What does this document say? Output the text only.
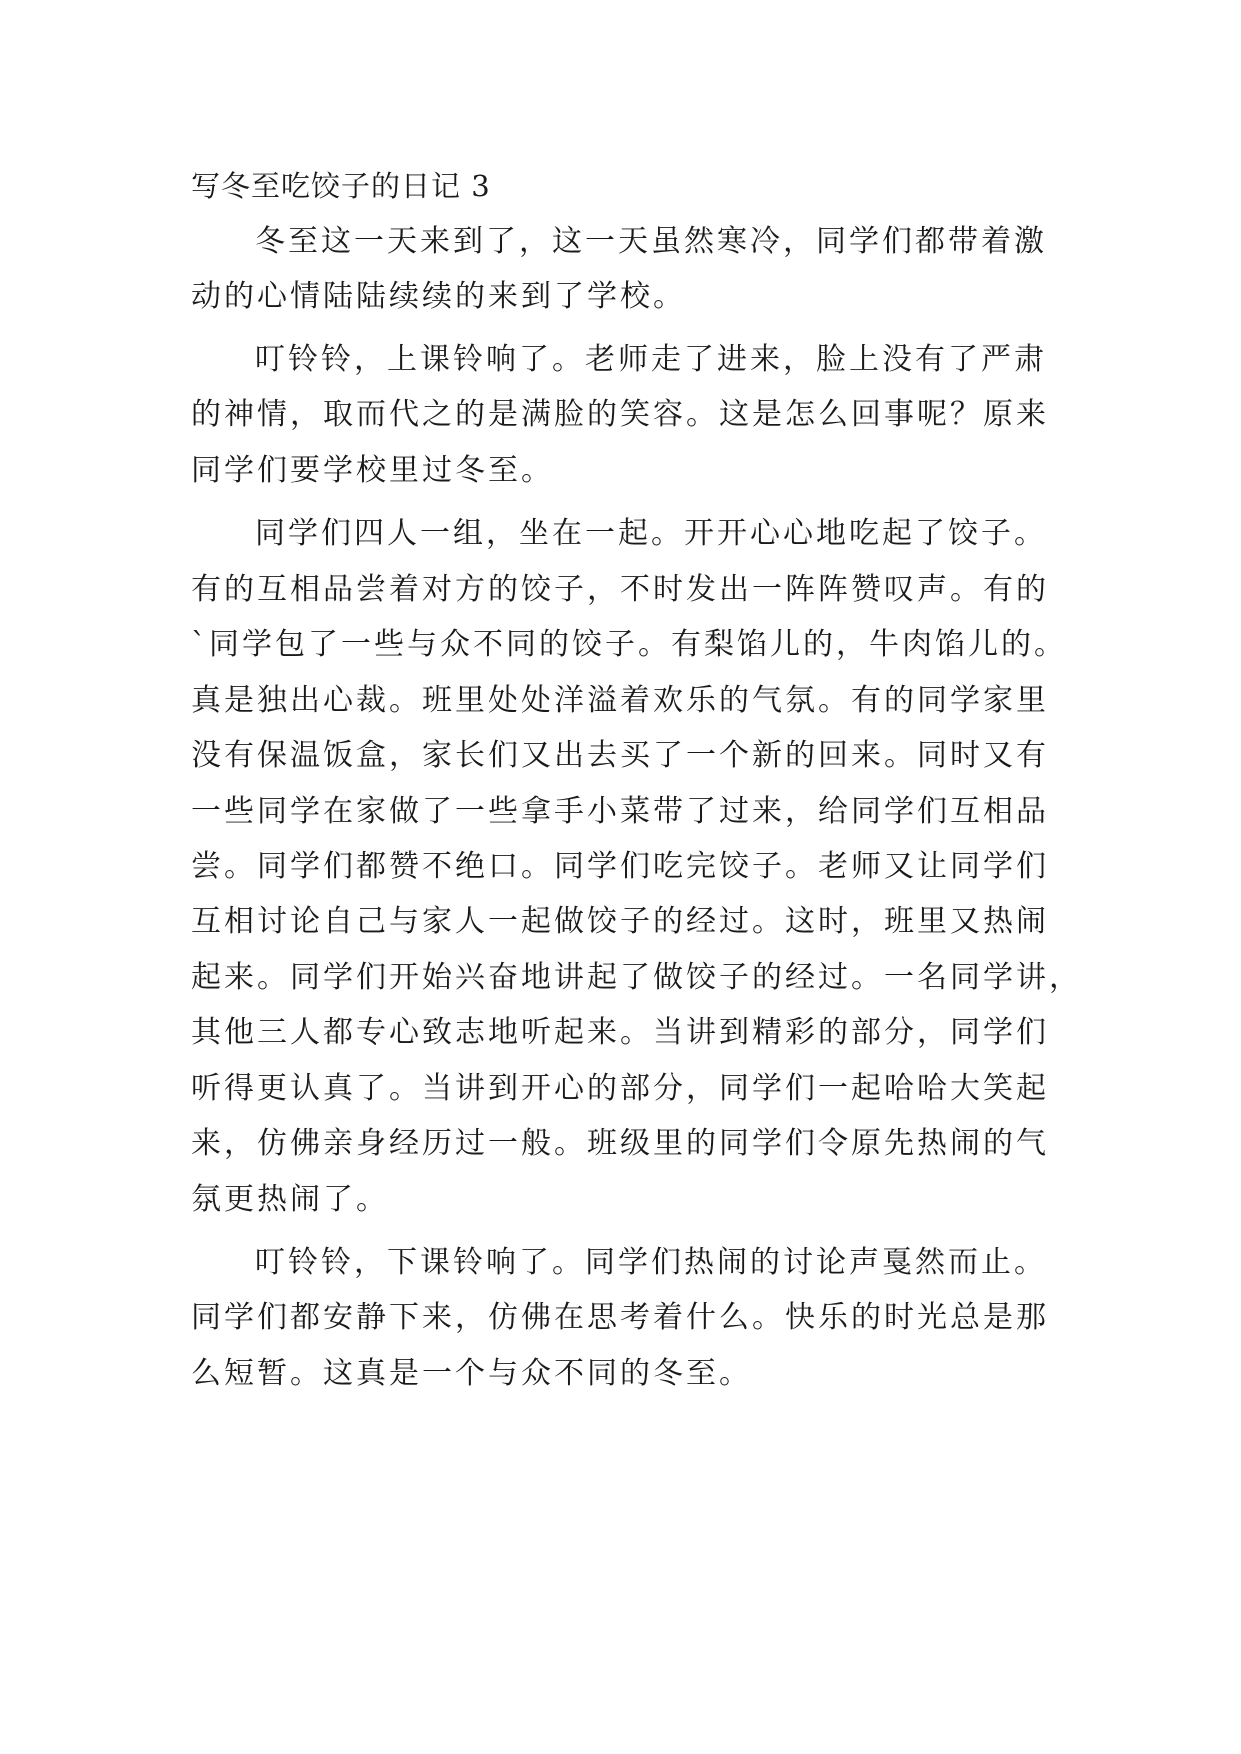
写冬至吃饺子的日记 3

冬至这一天来到了，这一天虽然寒冷，同学们都带着激

动的心情陆陆续续的来到了学校。

叮铃铃，上课铃响了。老师走了进来，脸上没有了严肃

的神情，取而代之的是满脸的笑容。这是怎么回事呢？原来

同学们要学校里过冬至。

同学们四人一组，坐在一起。开开心心地吃起了饺子。

有的互相品尝着对方的饺子，不时发出一阵阵赞叹声。有的

`同学包了一些与众不同的饺子。有梨馅儿的，牛肉馅儿的。

真是独出心裁。班里处处洋溢着欢乐的气氛。有的同学家里

没有保温饭盒，家长们又出去买了一个新的回来。同时又有

一些同学在家做了一些拿手小菜带了过来，给同学们互相品

尝。同学们都赞不绝口。同学们吃完饺子。老师又让同学们

互相讨论自己与家人一起做饺子的经过。这时，班里又热闹

起来。同学们开始兴奋地讲起了做饺子的经过。一名同学讲，

其他三人都专心致志地听起来。当讲到精彩的部分，同学们

听得更认真了。当讲到开心的部分，同学们一起哈哈大笑起

来，仿佛亲身经历过一般。班级里的同学们令原先热闹的气

氛更热闹了。

叮铃铃，下课铃响了。同学们热闹的讨论声戛然而止。

同学们都安静下来，仿佛在思考着什么。快乐的时光总是那

么短暂。这真是一个与众不同的冬至。
